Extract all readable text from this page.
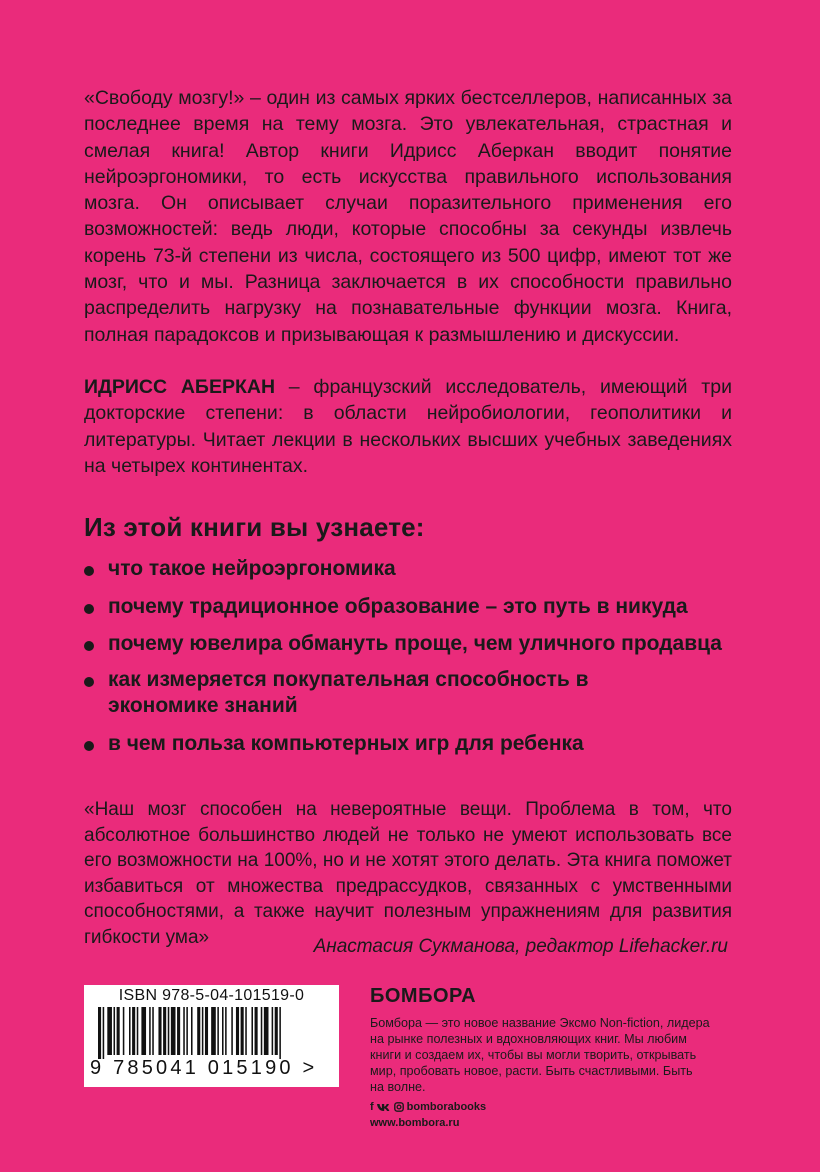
«Свободу мозгу!» – один из самых ярких бестселлеров, написанных за последнее время на тему мозга. Это увлекательная, страстная и смелая книга! Автор книги Идрисс Аберкан вводит понятие нейроэргономики, то есть искусства правильного использования мозга. Он описывает случаи поразительного применения его возможностей: ведь люди, которые способны за секунды извлечь корень 73-й степени из числа, состоящего из 500 цифр, имеют тот же мозг, что и мы. Разница заключается в их способности правильно распределить нагрузку на познавательные функции мозга. Книга, полная парадоксов и призывающая к размышлению и дискуссии.

ИДРИСС АБЕРКАН – французский исследователь, имеющий три докторские степени: в области нейробиологии, геополитики и литературы. Читает лекции в нескольких высших учебных заведениях на четырех континентах.

Из этой книги вы узнаете:
что такое нейроэргономика
почему традиционное образование – это путь в никуда
почему ювелира обмануть проще, чем уличного продавца
как измеряется покупательная способность в экономике знаний
в чем польза компьютерных игр для ребенка

«Наш мозг способен на невероятные вещи. Проблема в том, что абсолютное большинство людей не только не умеют использовать все его возможности на 100%, но и не хотят этого делать. Эта книга поможет избавиться от множества предрассудков, связанных с умственными способностями, а также научит полезным упражнениям для развития гибкости ума»	Анастасия Сукманова, редактор Lifehacker.ru

ISBN 978-5-04-101519-0
9 785041 015190 >
БОМБОРА

Бомбора — это новое название Эксмо Non-fiction, лидера на рынке полезных и вдохновляющих книг. Мы любим книги и создаем их, чтобы вы могли творить, открывать мир, пробовать новое, расти. Быть счастливыми. Быть на волне.

f	bomborabooks
www.bombora.ru
